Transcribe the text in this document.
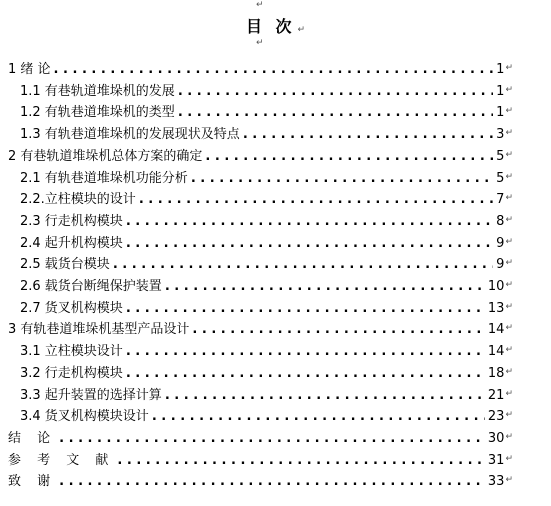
↵
目 次 ↵
↵
1 绪 论 . . .	1 ↵
1.1 有巷轨道堆垛机的发展 . . .	1 ↵
1.2 有轨巷道堆垛机的类型 . . .	1 ↵
1.3 有轨巷道堆垛机的发展现状及特点 . . .	3 ↵
2 有巷轨道堆垛机总体方案的确定 . . .	5 ↵
2.1 有轨巷道堆垛机功能分析 . . .	5 ↵
2.2.立柱模块的设计 . . .	7 ↵
2.3 行走机构模块 . . .	8 ↵
2.4 起升机构模块 . . .	9 ↵
2.5 载货台模块 . . .	9 ↵
2.6 载货台断绳保护装置 . . .	10 ↵
2.7 货叉机构模块 . . .	13 ↵
3 有轨巷道堆垛机基型产品设计 . . .	14 ↵
3.1 立柱模块设计 . . .	14 ↵
3.2 行走机构模块 . . .	18 ↵
3.3 起升装置的选择计算 . . .	21 ↵
3.4 货叉机构模块设计 . . .	23 ↵
结 论 . . .	30 ↵
参 考 文 献 . . .	31 ↵
致 谢 . . .	33 ↵
